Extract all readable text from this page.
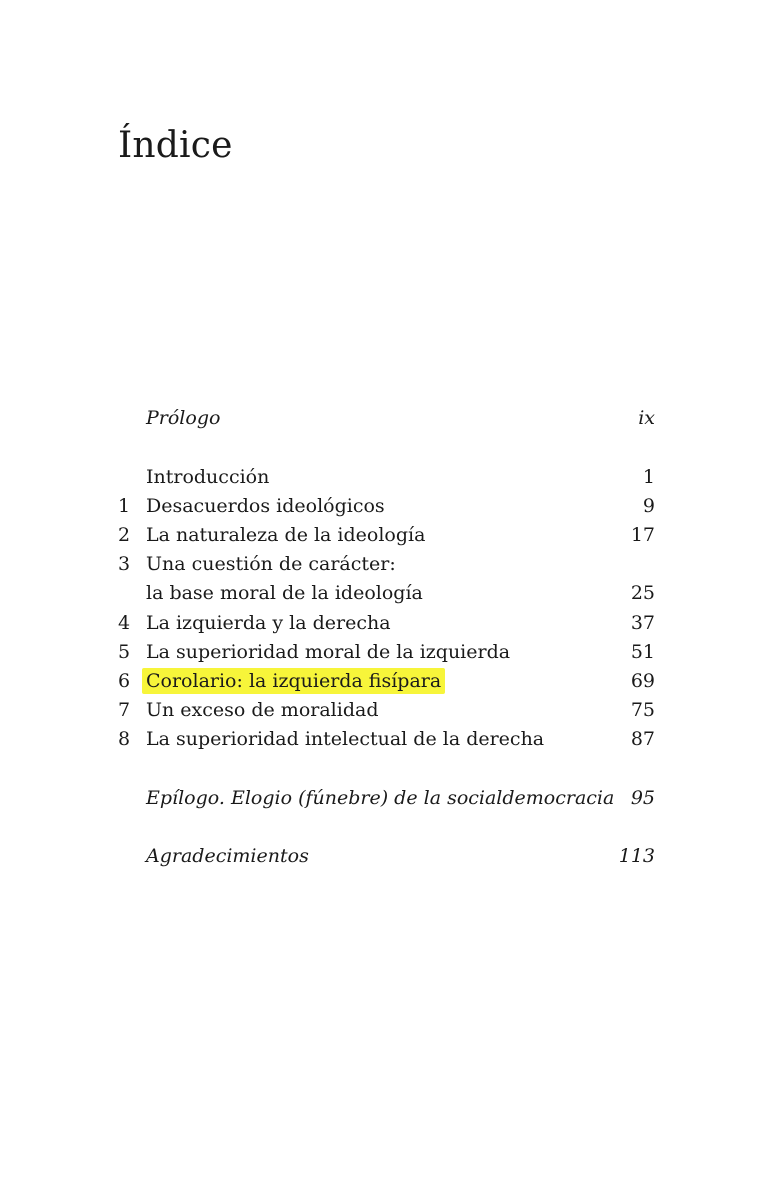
Índice
Prólogo	ix
Introducción	1
1 Desacuerdos ideológicos	9
2 La naturaleza de la ideología	17
3 Una cuestión de carácter:
la base moral de la ideología	25
4 La izquierda y la derecha	37
5 La superioridad moral de la izquierda	51
6 Corolario: la izquierda fisípara	69
7 Un exceso de moralidad	75
8 La superioridad intelectual de la derecha	87
Epílogo. Elogio (fúnebre) de la socialdemocracia 95
Agradecimientos	113
